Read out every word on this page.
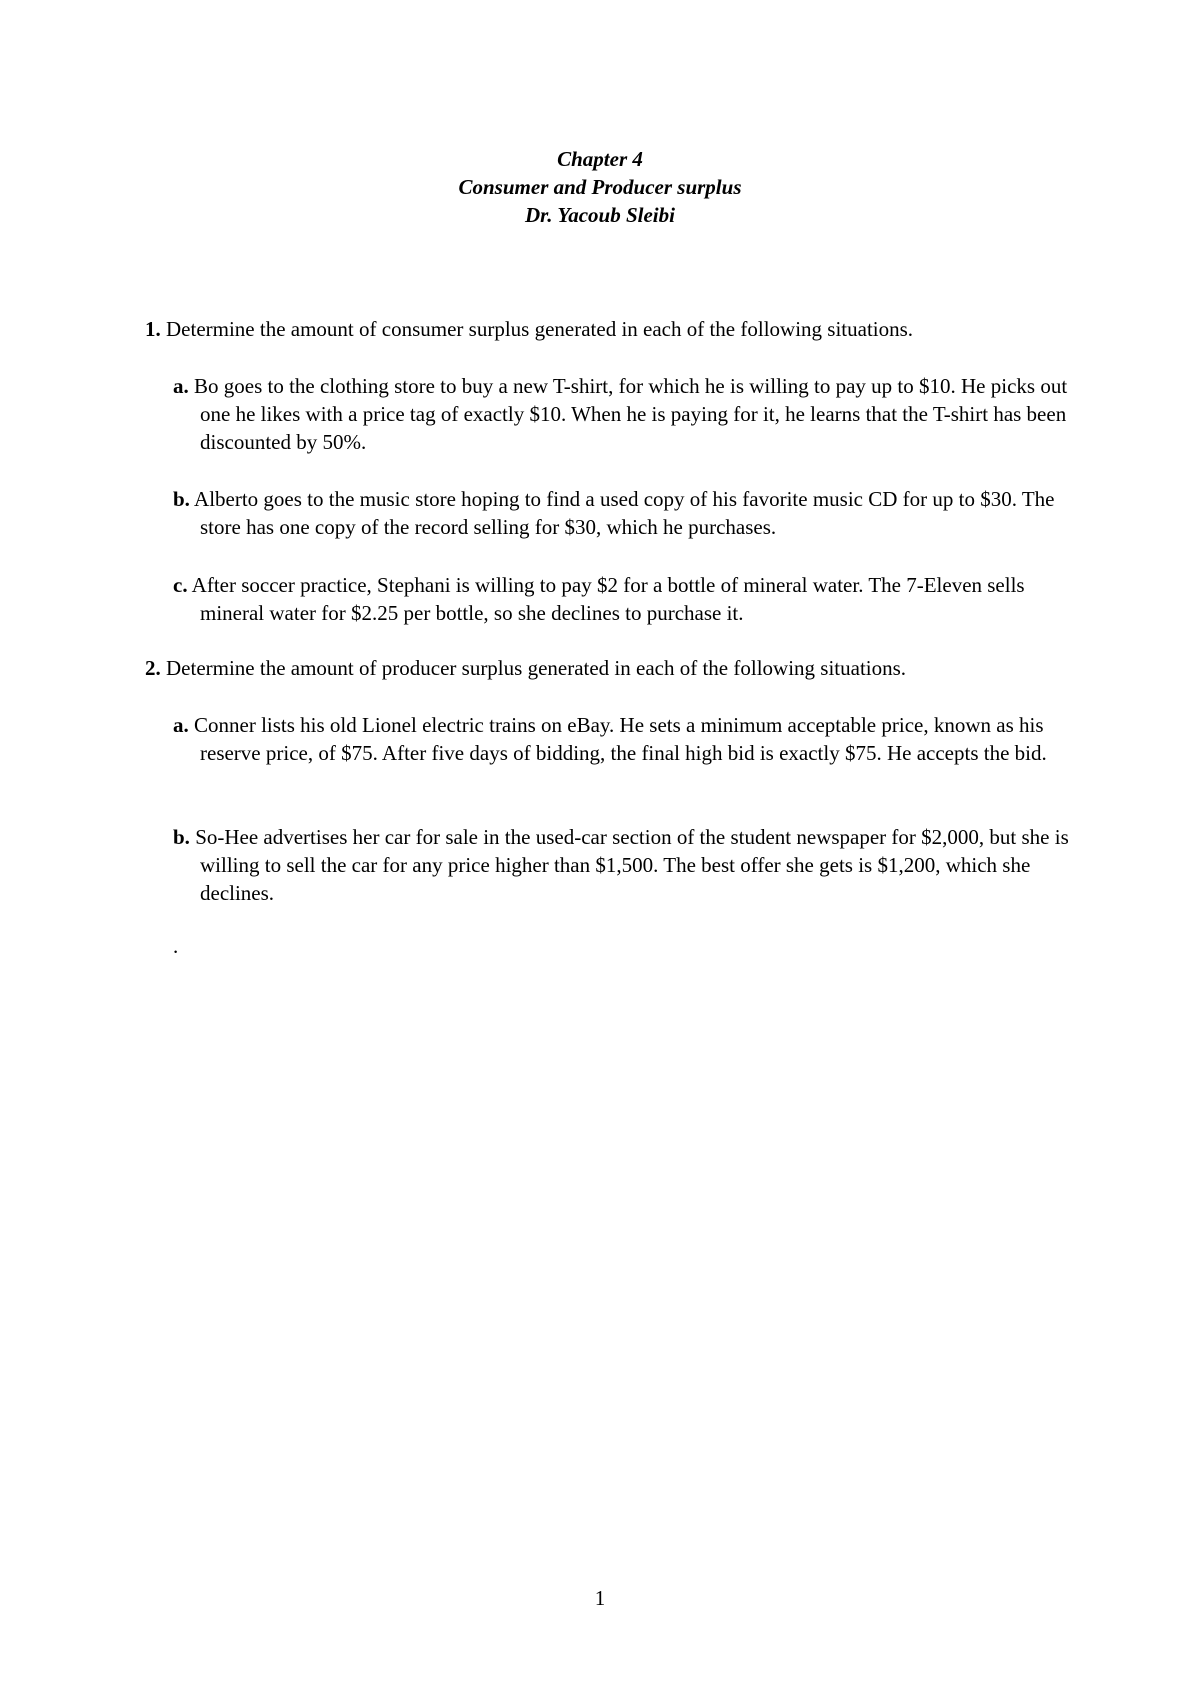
Chapter 4
Consumer and Producer surplus
Dr. Yacoub Sleibi
1. Determine the amount of consumer surplus generated in each of the following situations.
a. Bo goes to the clothing store to buy a new T-shirt, for which he is willing to pay up to $10. He picks out one he likes with a price tag of exactly $10. When he is paying for it, he learns that the T-shirt has been discounted by 50%.
b. Alberto goes to the music store hoping to find a used copy of his favorite music CD for up to $30. The store has one copy of the record selling for $30, which he purchases.
c. After soccer practice, Stephani is willing to pay $2 for a bottle of mineral water. The 7-Eleven sells mineral water for $2.25 per bottle, so she declines to purchase it.
2. Determine the amount of producer surplus generated in each of the following situations.
a. Conner lists his old Lionel electric trains on eBay. He sets a minimum acceptable price, known as his reserve price, of $75. After five days of bidding, the final high bid is exactly $75. He accepts the bid.
b. So-Hee advertises her car for sale in the used-car section of the student newspaper for $2,000, but she is willing to sell the car for any price higher than $1,500. The best offer she gets is $1,200, which she declines.
.
1
